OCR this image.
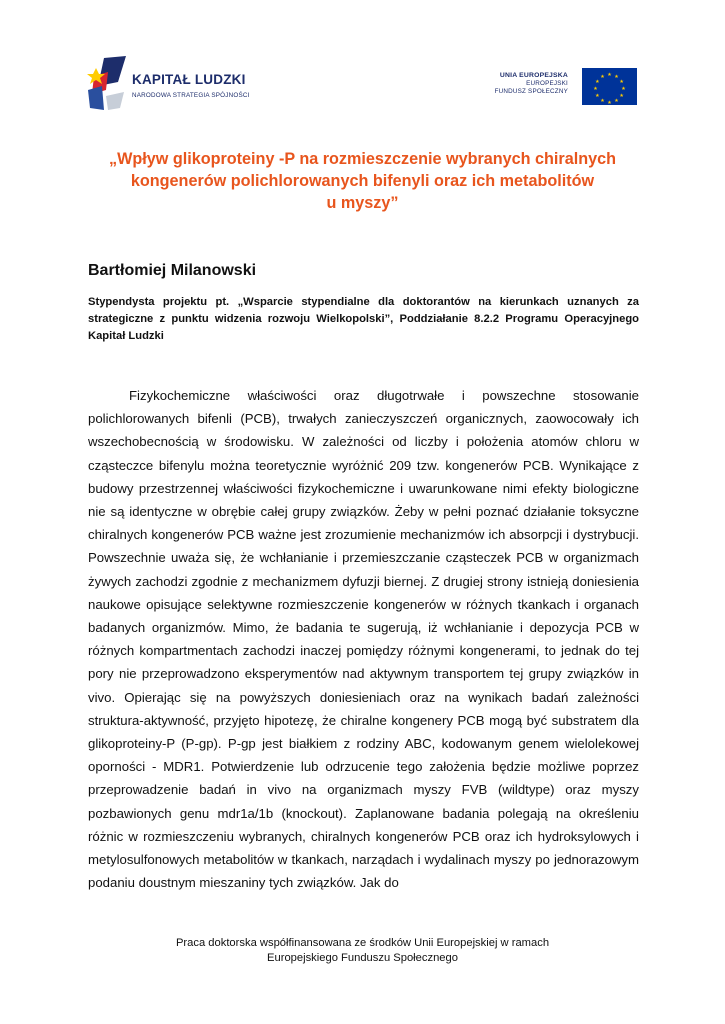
KAPITAŁ LUDZKI
NARODOWA STRATEGIA SPÓJNOŚCI
UNIA EUROPEJSKA
EUROPEJSKI
FUNDUSZ SPOŁECZNY
★ ★
★
★
★
★
★
★
★
★
★
★
„Wpływ glikoproteiny -P na rozmieszczenie wybranych chiralnych
kongenerów polichlorowanych bifenyli oraz ich metabolitów
u myszy”
Bartłomiej Milanowski
Stypendysta projektu pt. „Wsparcie stypendialne dla doktorantów na kierunkach uznanych za strategiczne z punktu widzenia rozwoju Wielkopolski”, Poddziałanie 8.2.2 Programu Operacyjnego Kapitał Ludzki
Fizykochemiczne właściwości oraz długotrwałe i powszechne stosowanie polichlorowanych bifenli (PCB), trwałych zanieczyszczeń organicznych, zaowocowały ich wszechobecnością w środowisku. W zależności od liczby i położenia atomów chloru w cząsteczce bifenylu można teoretycznie wyróżnić 209 tzw. kongenerów PCB. Wynikające z budowy przestrzennej właściwości fizykochemiczne i uwarunkowane nimi efekty biologiczne nie są identyczne w obrębie całej grupy związków. Żeby w pełni poznać działanie toksyczne chiralnych kongenerów PCB ważne jest zrozumienie mechanizmów ich absorpcji i dystrybucji. Powszechnie uważa się, że wchłanianie i przemieszczanie cząsteczek PCB w organizmach żywych zachodzi zgodnie z mechanizmem dyfuzji biernej. Z drugiej strony istnieją doniesienia naukowe opisujące selektywne rozmieszczenie kongenerów w różnych tkankach i organach badanych organizmów. Mimo, że badania te sugerują, iż wchłanianie i depozycja PCB w różnych kompartmentach zachodzi inaczej pomiędzy różnymi kongenerami, to jednak do tej pory nie przeprowadzono eksperymentów nad aktywnym transportem tej grupy związków in vivo. Opierając się na powyższych doniesieniach oraz na wynikach badań zależności struktura-aktywność, przyjęto hipotezę, że chiralne kongenery PCB mogą być substratem dla glikoproteiny-P (P-gp). P-gp jest białkiem z rodziny ABC, kodowanym genem wielolekowej oporności - MDR1. Potwierdzenie lub odrzucenie tego założenia będzie możliwe poprzez przeprowadzenie badań in vivo na organizmach myszy FVB (wildtype) oraz myszy pozbawionych genu mdr1a/1b (knockout). Zaplanowane badania polegają na określeniu różnic w rozmieszczeniu wybranych, chiralnych kongenerów PCB oraz ich hydroksylowych i metylosulfonowych metabolitów w tkankach, narządach i wydalinach myszy po jednorazowym podaniu doustnym mieszaniny tych związków. Jak do
Praca doktorska współfinansowana ze środków Unii Europejskiej w ramach
Europejskiego Funduszu Społecznego
